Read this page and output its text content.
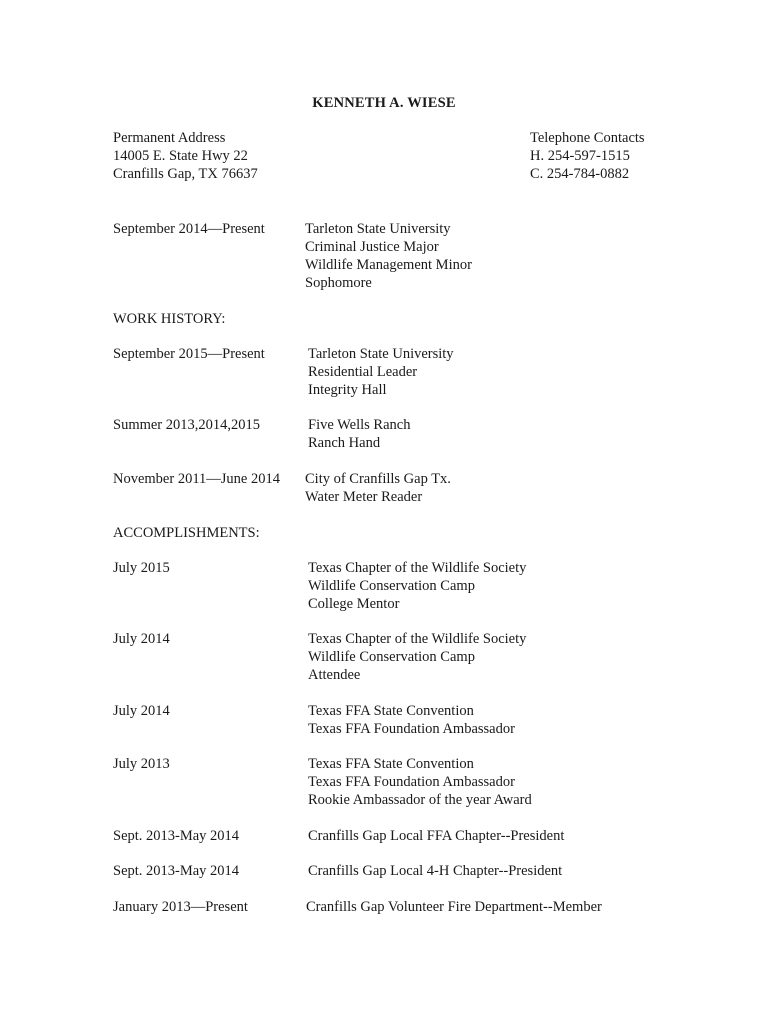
KENNETH A. WIESE
Permanent Address
14005 E. State Hwy 22
Cranfills Gap, TX 76637
Telephone Contacts
H. 254-597-1515
C. 254-784-0882
September 2014—Present	Tarleton State University
Criminal Justice Major
Wildlife Management Minor
Sophomore
WORK HISTORY:
September 2015—Present	Tarleton State University
Residential Leader
Integrity Hall
Summer 2013,2014,2015	Five Wells Ranch
Ranch Hand
November 2011—June 2014 City of Cranfills Gap Tx.
Water Meter Reader
ACCOMPLISHMENTS:
July 2015	Texas Chapter of the Wildlife Society
Wildlife Conservation Camp
College Mentor
July 2014	Texas Chapter of the Wildlife Society
Wildlife Conservation Camp
Attendee
July 2014	Texas FFA State Convention
Texas FFA Foundation Ambassador
July 2013	Texas FFA State Convention
Texas FFA Foundation Ambassador
Rookie Ambassador of the year Award
Sept. 2013-May 2014	Cranfills Gap Local FFA Chapter--President
Sept. 2013-May 2014	Cranfills Gap Local 4-H Chapter--President
January 2013—Present	Cranfills Gap Volunteer Fire Department--Member
